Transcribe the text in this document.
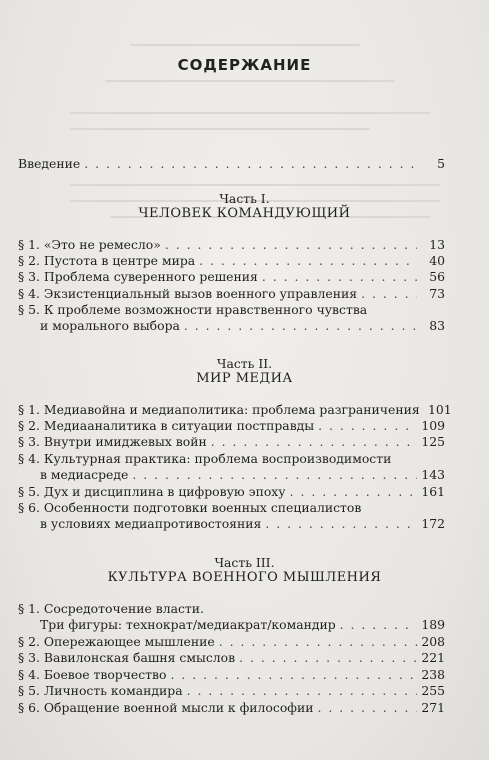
СОДЕРЖАНИЕ
Введение . . .	5
Часть I.
ЧЕЛОВЕК КОМАНДУЮЩИЙ
§ 1. «Это не ремесло» . . .	13
§ 2. Пустота в центре мира . . .	40
§ 3. Проблема суверенного решения . . .	56
§ 4. Экзистенциальный вызов военного управления . . .	73
§ 5. К проблеме возможности нравственного чувства
и морального выбора . . .	83
Часть II.
МИР МЕДИА
§ 1. Медиавойна и медиаполитика: проблема разграничения 101
§ 2. Медиааналитика в ситуации постправды . . .	109
§ 3. Внутри имиджевых войн . . .	125
§ 4. Культурная практика: проблема воспроизводимости
в медиасреде . . .	143
§ 5. Дух и дисциплина в цифровую эпоху . . .	161
§ 6. Особенности подготовки военных специалистов
в условиях медиапротивостояния . . .	172
Часть III.
КУЛЬТУРА ВОЕННОГО МЫШЛЕНИЯ
§ 1. Сосредоточение власти.
Три фигуры: технократ/медиакрат/командир . . .	189
§ 2. Опережающее мышление . . .	208
§ 3. Вавилонская башня смыслов . . .	221
§ 4. Боевое творчество . . .	238
§ 5. Личность командира . . .	255
§ 6. Обращение военной мысли к философии . . .	271
